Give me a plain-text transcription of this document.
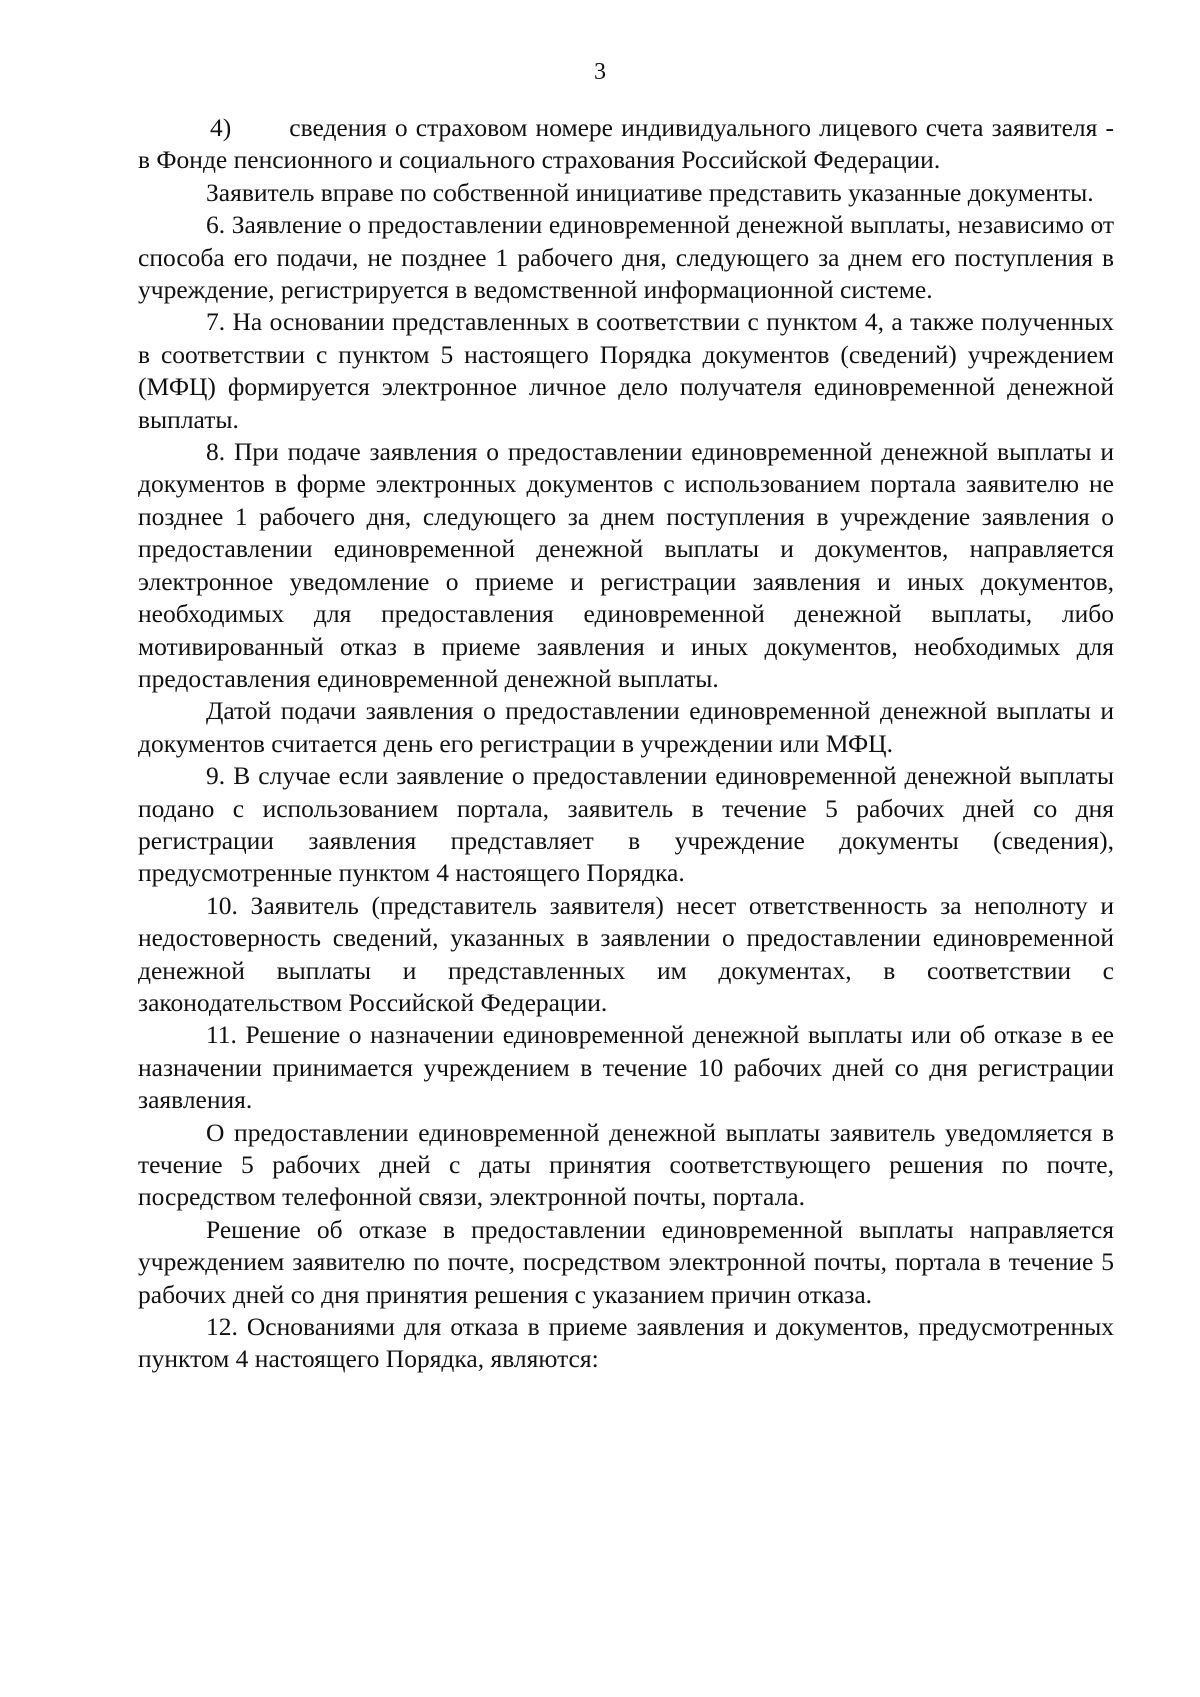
3

4) сведения о страховом номере индивидуального лицевого счета заявителя - в Фонде пенсионного и социального страхования Российской Федерации.

Заявитель вправе по собственной инициативе представить указанные документы.

6. Заявление о предоставлении единовременной денежной выплаты, независимо от способа его подачи, не позднее 1 рабочего дня, следующего за днем его поступления в учреждение, регистрируется в ведомственной информационной системе.

7. На основании представленных в соответствии с пунктом 4, а также полученных в соответствии с пунктом 5 настоящего Порядка документов (сведений) учреждением (МФЦ) формируется электронное личное дело получателя единовременной денежной выплаты.

8. При подаче заявления о предоставлении единовременной денежной выплаты и документов в форме электронных документов с использованием портала заявителю не позднее 1 рабочего дня, следующего за днем поступления в учреждение заявления о предоставлении единовременной денежной выплаты и документов, направляется электронное уведомление о приеме и регистрации заявления и иных документов, необходимых для предоставления единовременной денежной выплаты, либо мотивированный отказ в приеме заявления и иных документов, необходимых для предоставления единовременной денежной выплаты.

Датой подачи заявления о предоставлении единовременной денежной выплаты и документов считается день его регистрации в учреждении или МФЦ.

9. В случае если заявление о предоставлении единовременной денежной выплаты подано с использованием портала, заявитель в течение 5 рабочих дней со дня регистрации заявления представляет в учреждение документы (сведения), предусмотренные пунктом 4 настоящего Порядка.

10. Заявитель (представитель заявителя) несет ответственность за неполноту и недостоверность сведений, указанных в заявлении о предоставлении единовременной денежной выплаты и представленных им документах, в соответствии с законодательством Российской Федерации.

11. Решение о назначении единовременной денежной выплаты или об отказе в ее назначении принимается учреждением в течение 10 рабочих дней со дня регистрации заявления.

О предоставлении единовременной денежной выплаты заявитель уведомляется в течение 5 рабочих дней с даты принятия соответствующего решения по почте, посредством телефонной связи, электронной почты, портала.

Решение об отказе в предоставлении единовременной выплаты направляется учреждением заявителю по почте, посредством электронной почты, портала в течение 5 рабочих дней со дня принятия решения с указанием причин отказа.

12. Основаниями для отказа в приеме заявления и документов, предусмотренных пунктом 4 настоящего Порядка, являются:
